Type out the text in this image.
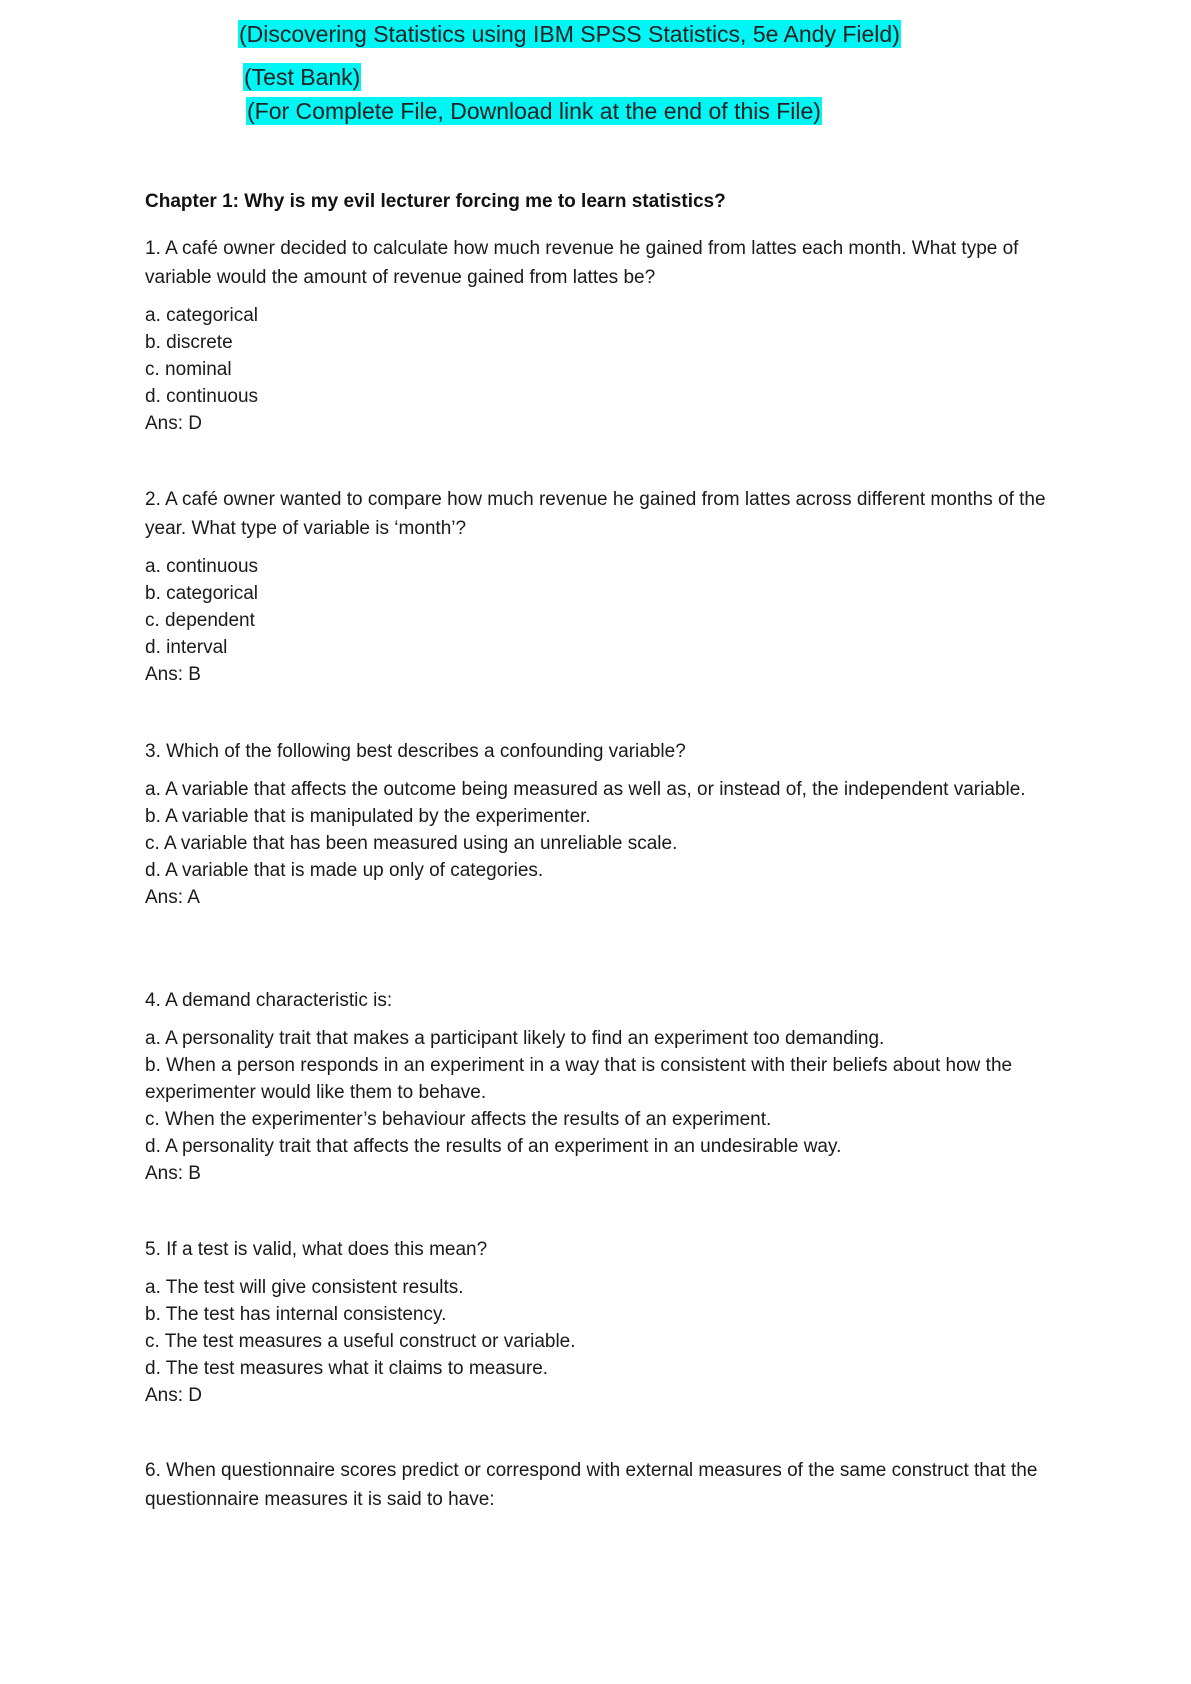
(Discovering Statistics using IBM SPSS Statistics, 5e Andy Field)
(Test Bank)
(For Complete File, Download link at the end of this File)
Chapter 1: Why is my evil lecturer forcing me to learn statistics?

1. A café owner decided to calculate how much revenue he gained from lattes each month. What type of variable would the amount of revenue gained from lattes be?

a. categorical
b. discrete
c. nominal
d. continuous
Ans: D

2. A café owner wanted to compare how much revenue he gained from lattes across different months of the year. What type of variable is ‘month’?

a. continuous
b. categorical
c. dependent
d. interval
Ans: B

3. Which of the following best describes a confounding variable?

a. A variable that affects the outcome being measured as well as, or instead of, the independent variable.
b. A variable that is manipulated by the experimenter.
c. A variable that has been measured using an unreliable scale.
d. A variable that is made up only of categories.
Ans: A

4. A demand characteristic is:

a. A personality trait that makes a participant likely to find an experiment too demanding.
b. When a person responds in an experiment in a way that is consistent with their beliefs about how the experimenter would like them to behave.
c. When the experimenter’s behaviour affects the results of an experiment.
d. A personality trait that affects the results of an experiment in an undesirable way.
Ans: B

5. If a test is valid, what does this mean?

a. The test will give consistent results.
b. The test has internal consistency.
c. The test measures a useful construct or variable.
d. The test measures what it claims to measure.
Ans: D

6. When questionnaire scores predict or correspond with external measures of the same construct that the questionnaire measures it is said to have:
